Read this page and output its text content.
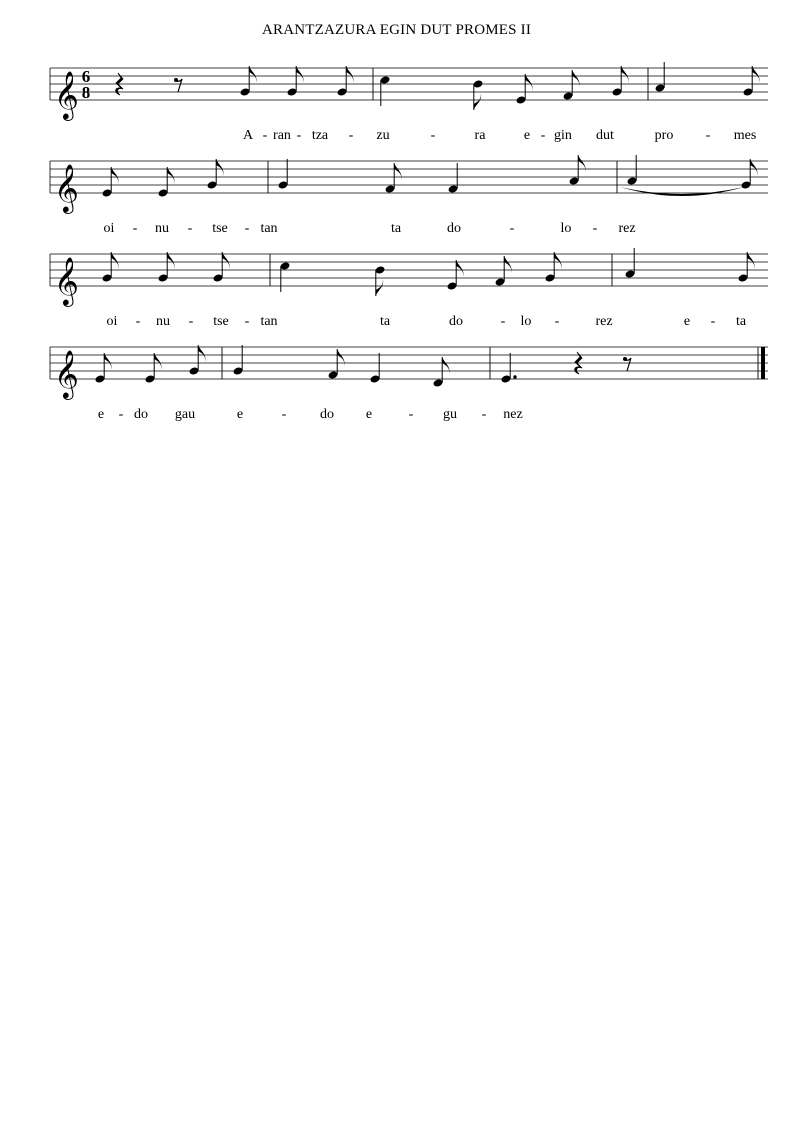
ARANTZAZURA EGIN DUT PROMES II
𝄞 6
8
𝄞
𝄞
𝄞
A - ran - tza - zu	-	ra	e - gin dut	pro - mes
oi - nu - tse - tan	ta	do	-	lo - rez
oi - nu - tse - tan	ta	do	- lo -	rez	e - ta
e - do gau	e	- do e	- gu - nez
